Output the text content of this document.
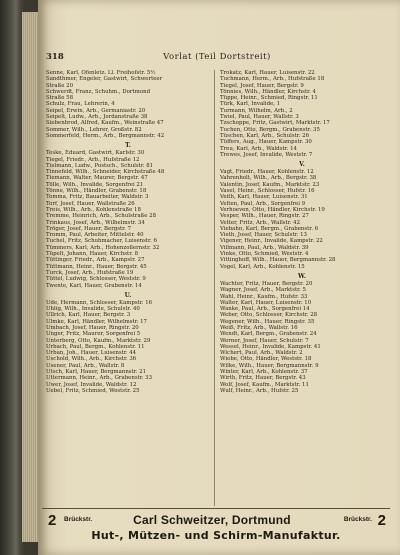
318	Vorlat (Teil Dortstreit)
Senne, Karl, Ofenletz. Ll. Freihofstr. 5½
Sandthmer, Engeler, Gastwirt, Schwerteer
Straße 20
Schwerdt, Franz, Schuhm., Dortmund
Straße 58
Schulz, Frau, Lehrerin, 4
Seipel, Erwin, Arb., Germaniastr. 20
Seipelt, Ludw., Arb., Jordanstraße 38
Siebenbrod, Alfred, Kaufm., Weinstraße 47
Sommer, Wilh., Lehrer, Großstr. 82
Sommerfeld, Herm., Arb., Bergmannstr. 42
T.
Teske, Eduard, Gastwirt, Karlstr. 30
Tiegel, Friedr., Arb., Hufstraße 12
Tielmann, Ludw., Postsch., Schulstr. 81
Tinnefeld, Wilh., Schneider, Kirchstraße 48
Tiemann, Walter, Maurer, Bergstr. 47
Tölle, Wilh., Invalide, Sorgenfrei 21
Tönne, Wilh., Händler, Grabenstr. 18
Tomma, Fritz, Bauarbeiter, Waldstr. 3
Torf, Josef, Hauer, Wallstraße 26
Treis, Wilh., Arb., Kohlenstraße 18
Tremme, Heinrich, Arb., Schulstraße 28
Trinkaus, Josef, Arb., Wilhelmstr. 34
Tröger, Josef, Hauer, Bergstr. 7
Tromm, Paul, Arbeiter, Mittelstr. 40
Tuchel, Fritz, Schuhmacher, Luisenstr. 6
Tümmers, Karl, Arb., Hohenzollernstr. 32
Tüpelt, Johann, Hauer, Kirchstr. 8
Tüttinger, Friedr., Arb., Kampstr. 27
Tüttmann, Heinr., Hauer, Bergstr. 45
Turck, Josef, Arb., Hufstraße 19
Tüttel, Ludwig, Schlosser, Weststr. 9
Twente, Karl, Hauer, Grabenstr. 14
U.
Ude, Hermann, Schlosser, Kampstr. 16
Uhlig, Wilh., Invalide, Schulstr. 40
Ullrich, Karl, Hauer, Bergstr. 3
Ulmke, Karl, Händler, Wilhelmstr. 17
Umbach, Josef, Hauer, Ringstr. 20
Unger, Fritz, Maurer, Sorgenfrei 5
Unterberg, Otto, Kaufm., Marktstr. 29
Urbach, Paul, Bergm., Kohlenstr. 11
Urban, Joh., Hauer, Luisenstr. 44
Uschold, Wilh., Arb., Kirchstr. 36
Usener, Paul, Arb., Wallstr. 8
Utsch, Karl, Hauer, Bergmannstr. 21
Uttermann, Heinr., Arb., Grabenstr. 33
Uwer, Josef, Invalide, Waldstr. 12
Uebel, Fritz, Schmied, Weststr. 25
Trokatz, Karl, Hauer, Luisenstr. 22
Tuchmann, Herm., Arb., Hufstraße 18
Tiegel, Josef, Hauer, Bergstr. 9
Tönnies, Wilh., Händler, Kirchstr. 4
Tüppe, Heinr., Schmied, Ringstr. 11
Türk, Karl, Invalide, 1
Turmann, Wilhelm, Arb., 2
Twiel, Paul, Hauer, Wallstr. 3
Tzschoppe, Fritz, Gastwirt, Marktstr. 17
Tuchen, Otto, Bergm., Grabenstr. 35
Tüschen, Karl, Arb., Schulstr. 26
Tüffers, Aug., Hauer, Kampstr. 30
Treu, Karl, Arb., Waldstr. 14
Trewes, Josef, Invalide, Weststr. 7
V.
Vagt, Friedr., Hauer, Kohlenstr. 12
Vahrenholt, Wilh., Arb., Bergstr. 38
Valentin, Josef, Kaufm., Marktstr. 23
Vasel, Heinr., Schlosser, Hufstr. 16
Veith, Karl, Hauer, Luisenstr. 31
Velten, Paul, Arb., Sorgenfrei 9
Verhoeven, Otto, Händler, Kirchstr. 19
Vesper, Wilh., Hauer, Ringstr. 27
Vetter, Fritz, Arb., Wallstr. 42
Viebahn, Karl, Bergm., Grabenstr. 6
Vieth, Josef, Hauer, Schulstr. 13
Vigener, Heinr., Invalide, Kampstr. 22
Villmann, Paul, Arb., Waldstr. 39
Vinke, Otto, Schmied, Weststr. 4
Vittinghoff, Wilh., Hauer, Bergmannstr. 28
Vogel, Karl, Arb., Kohlenstr. 15
W.
Wachter, Fritz, Hauer, Bergstr. 20
Wagner, Josef, Arb., Marktstr. 5
Wahl, Heinr., Kaufm., Hufstr. 33
Walter, Karl, Hauer, Luisenstr. 10
Wanke, Paul, Arb., Sorgenfrei 14
Weber, Otto, Schlosser, Kirchstr. 28
Wegener, Wilh., Hauer, Ringstr. 35
Weiß, Fritz, Arb., Wallstr. 16
Wendt, Karl, Bergm., Grabenstr. 24
Werner, Josef, Hauer, Schulstr. 7
Wessel, Heinr., Invalide, Kampstr. 41
Wichert, Paul, Arb., Waldstr. 2
Wiebe, Otto, Händler, Weststr. 18
Wilke, Wilh., Hauer, Bergmannstr. 9
Winter, Karl, Arb., Kohlenstr. 37
Wirth, Fritz, Hauer, Bergstr. 43
Wolf, Josef, Kaufm., Marktstr. 11
Wulf, Heinr., Arb., Hufstr. 25
2 Brückstr.	Carl Schweitzer, Dortmund	Brückstr. 2
Hut-, Mützen- und Schirm-Manufaktur.
